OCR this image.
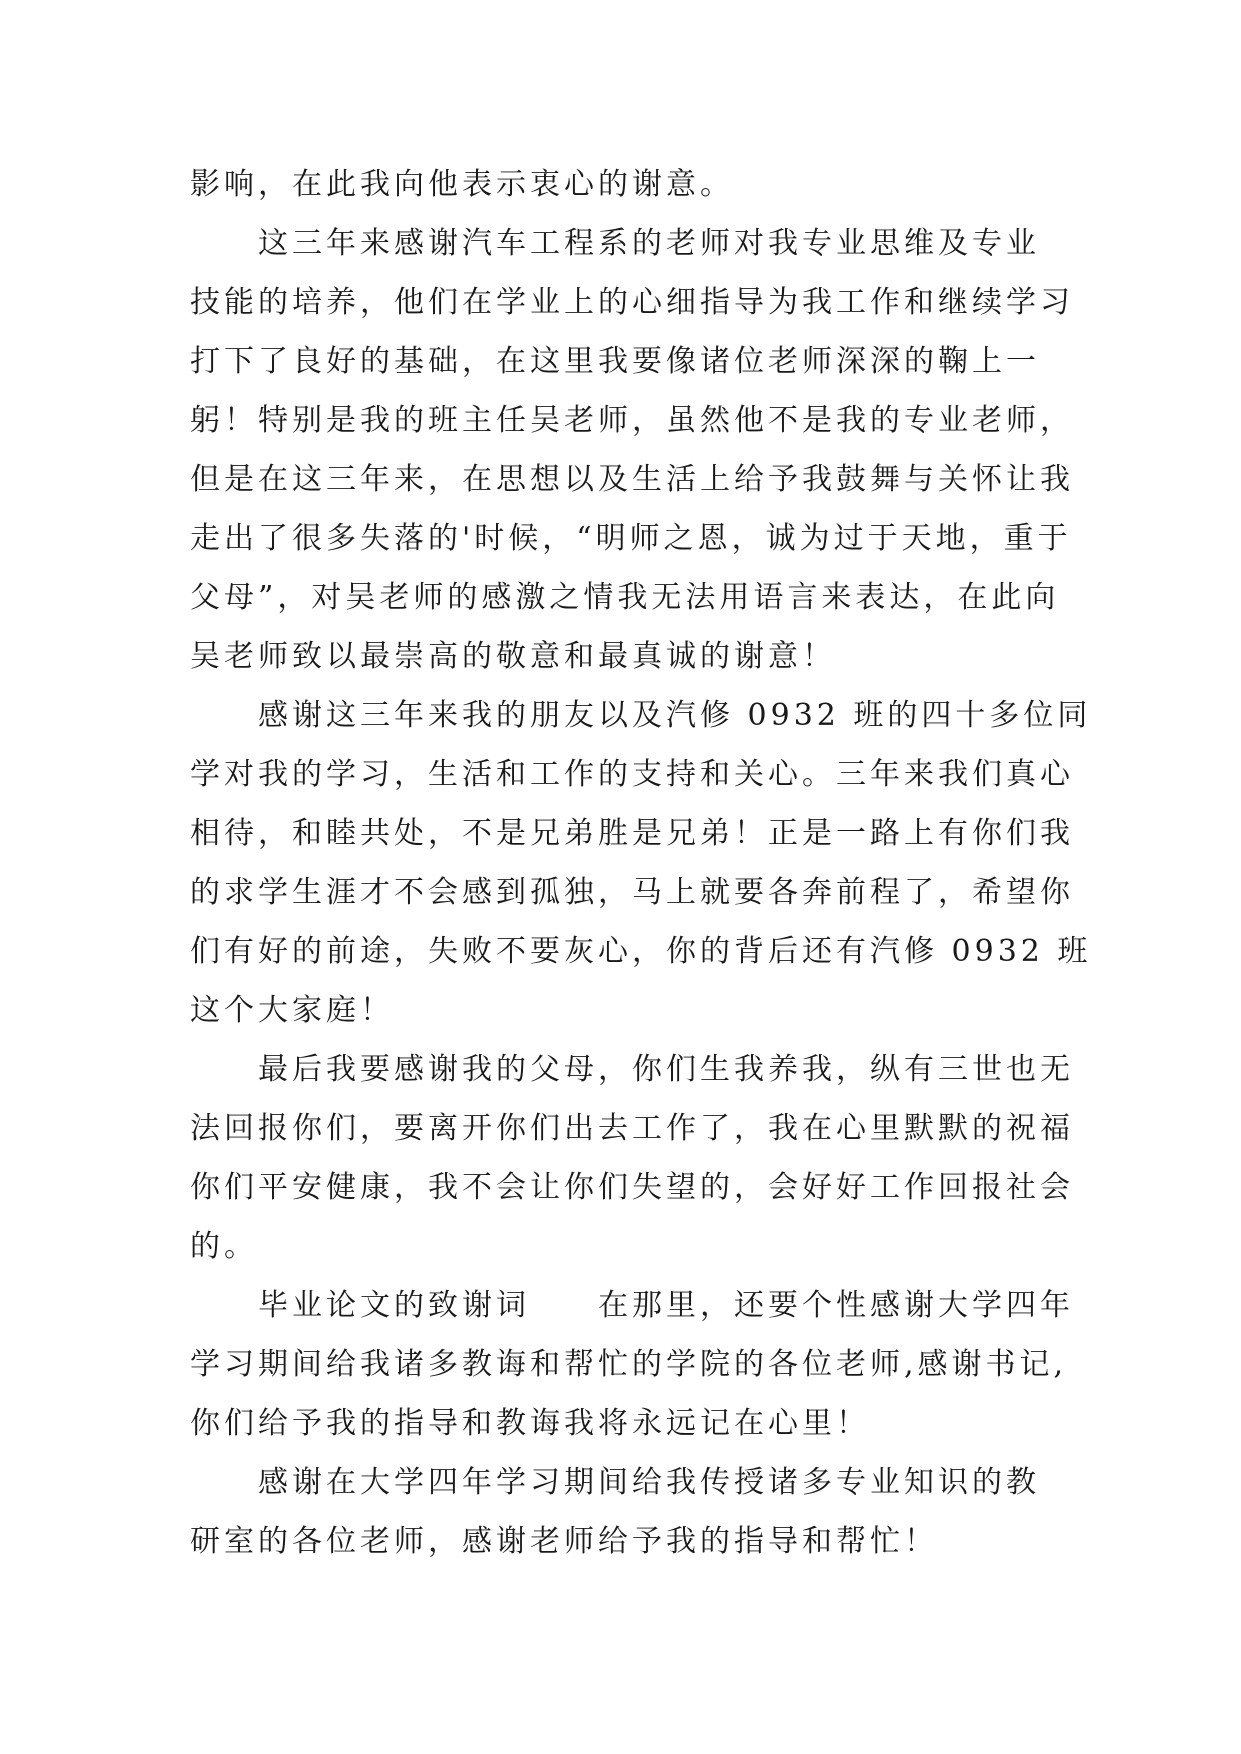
影响，在此我向他表示衷心的谢意。
这三年来感谢汽车工程系的老师对我专业思维及专业
技能的培养，他们在学业上的心细指导为我工作和继续学习
打下了良好的基础，在这里我要像诸位老师深深的鞠上一
躬！特别是我的班主任吴老师，虽然他不是我的专业老师，
但是在这三年来，在思想以及生活上给予我鼓舞与关怀让我
走出了很多失落的'时候，“明师之恩，诚为过于天地，重于
父母”，对吴老师的感激之情我无法用语言来表达，在此向
吴老师致以最崇高的敬意和最真诚的谢意！
感谢这三年来我的朋友以及汽修 0932 班的四十多位同
学对我的学习，生活和工作的支持和关心。三年来我们真心
相待，和睦共处，不是兄弟胜是兄弟！正是一路上有你们我
的求学生涯才不会感到孤独，马上就要各奔前程了，希望你
们有好的前途，失败不要灰心，你的背后还有汽修 0932 班
这个大家庭！
最后我要感谢我的父母，你们生我养我，纵有三世也无
法回报你们，要离开你们出去工作了，我在心里默默的祝福
你们平安健康，我不会让你们失望的，会好好工作回报社会
的。
毕业论文的致谢词　　在那里，还要个性感谢大学四年
学习期间给我诸多教诲和帮忙的学院的各位老师,感谢书记,
你们给予我的指导和教诲我将永远记在心里！
感谢在大学四年学习期间给我传授诸多专业知识的教
研室的各位老师，感谢老师给予我的指导和帮忙！
